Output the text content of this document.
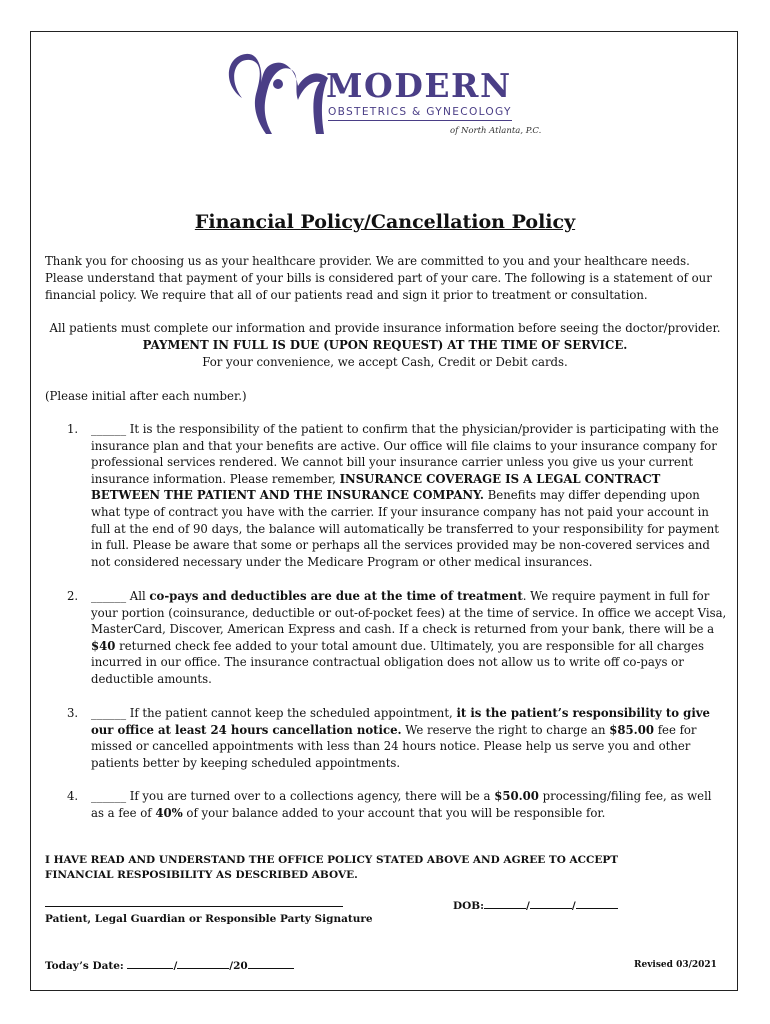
MODERN
OBSTETRICS & GYNECOLOGY
of North Atlanta, P.C.
Financial Policy/Cancellation Policy
Thank you for choosing us as your healthcare provider. We are committed to you and your healthcare needs. Please understand that payment of your bills is considered part of your care. The following is a statement of our financial policy. We require that all of our patients read and sign it prior to treatment or consultation.
All patients must complete our information and provide insurance information before seeing the doctor/provider.
PAYMENT IN FULL IS DUE (UPON REQUEST) AT THE TIME OF SERVICE.
For your convenience, we accept Cash, Credit or Debit cards.
(Please initial after each number.)
1. ______ It is the responsibility of the patient to confirm that the physician/provider is participating with the insurance plan and that your benefits are active. Our office will file claims to your insurance company for professional services rendered. We cannot bill your insurance carrier unless you give us your current insurance information. Please remember, INSURANCE COVERAGE IS A LEGAL CONTRACT BETWEEN THE PATIENT AND THE INSURANCE COMPANY. Benefits may differ depending upon what type of contract you have with the carrier. If your insurance company has not paid your account in full at the end of 90 days, the balance will automatically be transferred to your responsibility for payment in full. Please be aware that some or perhaps all the services provided may be non-covered services and not considered necessary under the Medicare Program or other medical insurances.
2. ______ All co-pays and deductibles are due at the time of treatment. We require payment in full for your portion (coinsurance, deductible or out-of-pocket fees) at the time of service. In office we accept Visa, MasterCard, Discover, American Express and cash. If a check is returned from your bank, there will be a $40 returned check fee added to your total amount due. Ultimately, you are responsible for all charges incurred in our office. The insurance contractual obligation does not allow us to write off co-pays or deductible amounts.
3. ______ If the patient cannot keep the scheduled appointment, it is the patient’s responsibility to give our office at least 24 hours cancellation notice. We reserve the right to charge an $85.00 fee for missed or cancelled appointments with less than 24 hours notice. Please help us serve you and other patients better by keeping scheduled appointments.
4. ______ If you are turned over to a collections agency, there will be a $50.00 processing/filing fee, as well as a fee of 40% of your balance added to your account that you will be responsible for.
I HAVE READ AND UNDERSTAND THE OFFICE POLICY STATED ABOVE AND AGREE TO ACCEPT FINANCIAL RESPOSIBILITY AS DESCRIBED ABOVE.
Patient, Legal Guardian or Responsible Party Signature
DOB:	/	/
Today’s Date:	/	/20	Revised 03/2021
